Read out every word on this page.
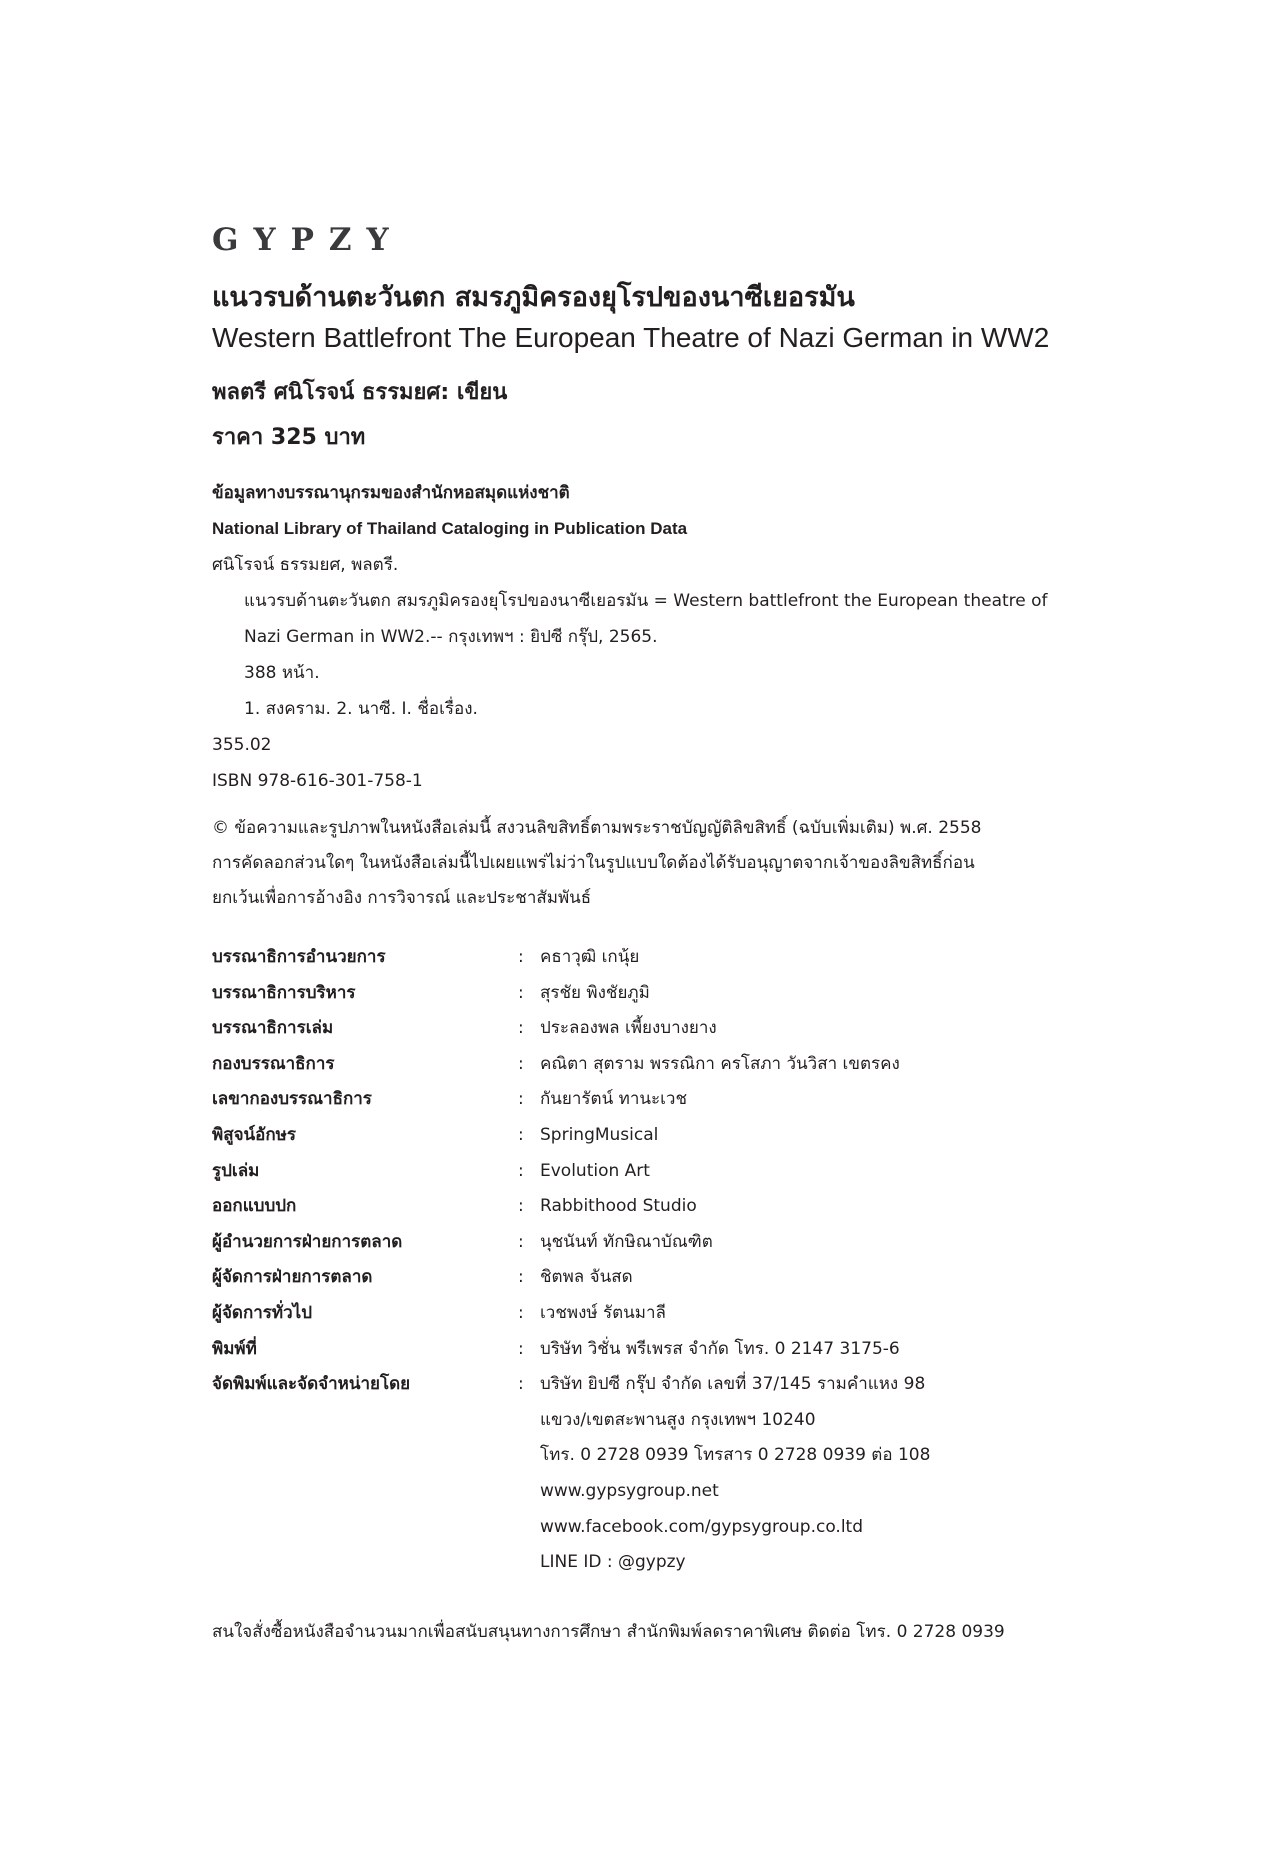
GYPZY
แนวรบด้านตะวันตก สมรภูมิครองยุโรปของนาซีเยอรมัน
Western Battlefront The European Theatre of Nazi German in WW2
พลตรี ศนิโรจน์ ธรรมยศ: เขียน
ราคา 325 บาท
ข้อมูลทางบรรณานุกรมของสำนักหอสมุดแห่งชาติ
National Library of Thailand Cataloging in Publication Data
ศนิโรจน์ ธรรมยศ, พลตรี.
แนวรบด้านตะวันตก สมรภูมิครองยุโรปของนาซีเยอรมัน = Western battlefront the European theatre of
Nazi German in WW2.-- กรุงเทพฯ : ยิปซี กรุ๊ป, 2565.
388 หน้า.
1. สงคราม. 2. นาซี. I. ชื่อเรื่อง.
355.02
ISBN 978-616-301-758-1
© ข้อความและรูปภาพในหนังสือเล่มนี้ สงวนลิขสิทธิ์ตามพระราชบัญญัติลิขสิทธิ์ (ฉบับเพิ่มเติม) พ.ศ. 2558
การคัดลอกส่วนใดๆ ในหนังสือเล่มนี้ไปเผยแพร่ไม่ว่าในรูปแบบใดต้องได้รับอนุญาตจากเจ้าของลิขสิทธิ์ก่อน
ยกเว้นเพื่อการอ้างอิง การวิจารณ์ และประชาสัมพันธ์
บรรณาธิการอำนวยการ	: คธาวุฒิ เกนุ้ย
บรรณาธิการบริหาร	: สุรชัย พิงชัยภูมิ
บรรณาธิการเล่ม	: ประลองพล เพี้ยงบางยาง
กองบรรณาธิการ	: คณิตา สุตราม พรรณิกา ครโสภา วันวิสา เขตรคง
เลขากองบรรณาธิการ	: กันยารัตน์ ทานะเวช
พิสูจน์อักษร	: SpringMusical
รูปเล่ม	: Evolution Art
ออกแบบปก	: Rabbithood Studio
ผู้อำนวยการฝ่ายการตลาด	: นุชนันท์ ทักษิณาบัณฑิต
ผู้จัดการฝ่ายการตลาด	: ชิตพล จันสด
ผู้จัดการทั่วไป	: เวชพงษ์ รัตนมาลี
พิมพ์ที่	: บริษัท วิชั่น พรีเพรส จำกัด โทร. 0 2147 3175-6
จัดพิมพ์และจัดจำหน่ายโดย	: บริษัท ยิปซี กรุ๊ป จำกัด เลขที่ 37/145 รามคำแหง 98
แขวง/เขตสะพานสูง กรุงเทพฯ 10240
โทร. 0 2728 0939 โทรสาร 0 2728 0939 ต่อ 108
www.gypsygroup.net
www.facebook.com/gypsygroup.co.ltd
LINE ID : @gypzy
สนใจสั่งซื้อหนังสือจำนวนมากเพื่อสนับสนุนทางการศึกษา สำนักพิมพ์ลดราคาพิเศษ ติดต่อ โทร. 0 2728 0939
